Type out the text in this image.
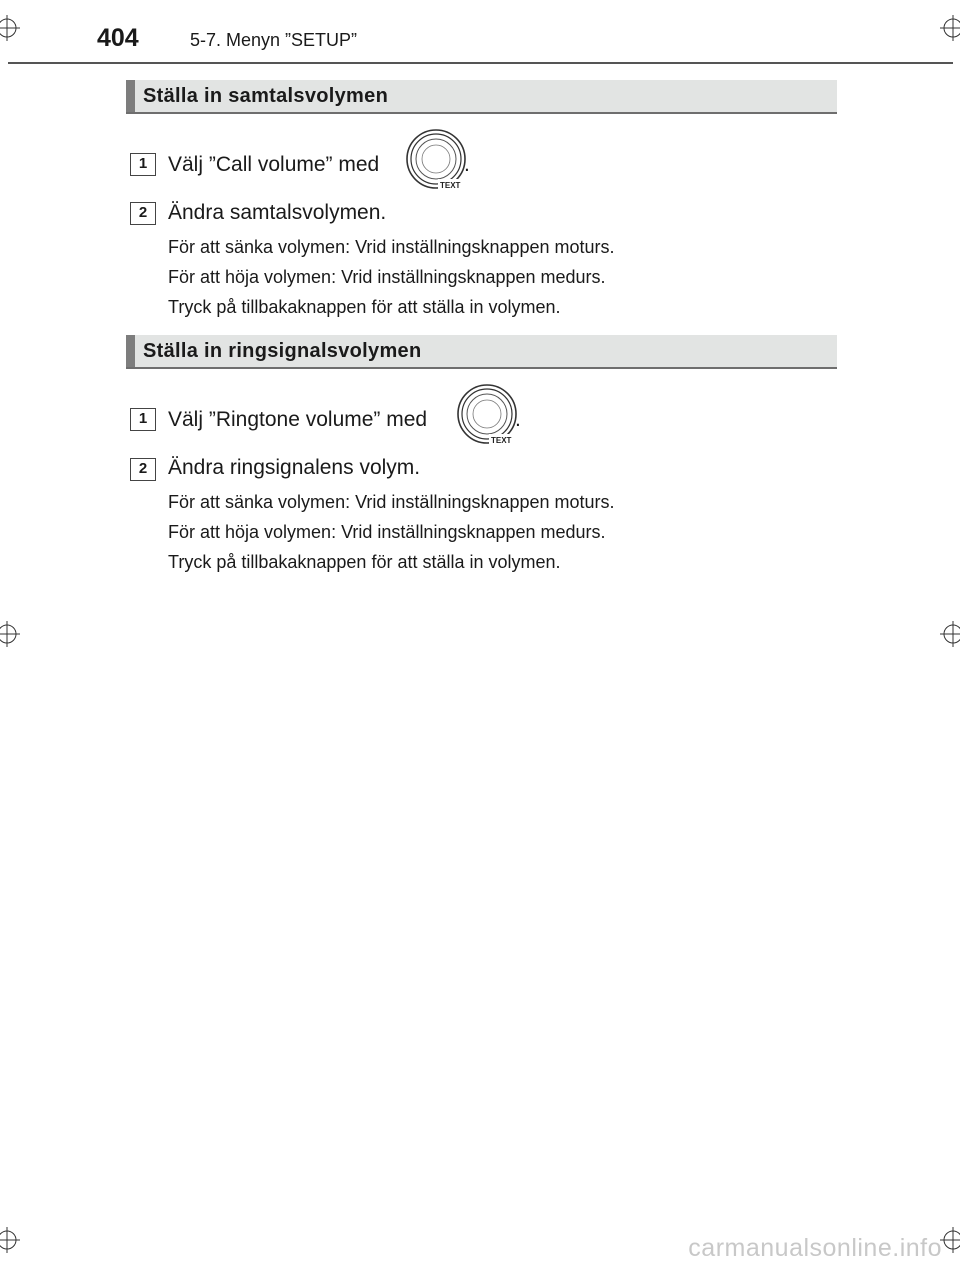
404	5-7. Menyn ”SETUP”
Ställa in samtalsvolymen
1 Välj ”Call volume” med
TEXT
.
2 Ändra samtalsvolymen.
För att sänka volymen: Vrid inställningsknappen moturs.
För att höja volymen: Vrid inställningsknappen medurs.
Tryck på tillbakaknappen för att ställa in volymen.
Ställa in ringsignalsvolymen
1 Välj ”Ringtone volume” med
TEXT
.
2 Ändra ringsignalens volym.
För att sänka volymen: Vrid inställningsknappen moturs.
För att höja volymen: Vrid inställningsknappen medurs.
Tryck på tillbakaknappen för att ställa in volymen.
carmanualsonline.info
